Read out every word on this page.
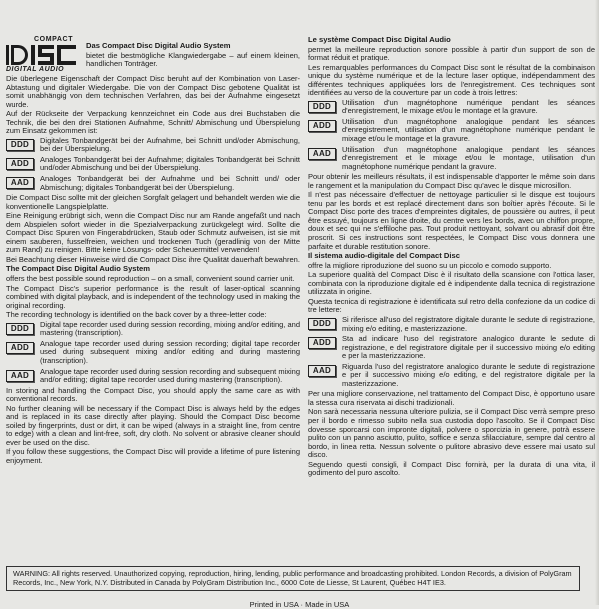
COMPACT
DIGITAL AUDIO

Das Compact Disc Digital Audio System

bietet die bestmögliche Klangwiedergabe – auf einem kleinen, handlichen Tonträger.

Die überlegene Eigenschaft der Compact Disc beruht auf der Kombination von Laser-Abtastung und digitaler Wiedergabe. Die von der Compact Disc gebotene Qualität ist somit unabhängig von dem technischen Verfahren, das bei der Aufnahme eingesetzt wurde.

Auf der Rückseite der Verpackung kennzeichnet ein Code aus drei Buchstaben die Technik, die bei den drei Stationen Aufnahme, Schnitt/ Abmischung und Überspielung zum Einsatz gekommen ist:

DDD	Digitales Tonbandgerät bei der Aufnahme, bei Schnitt und/oder Abmischung, bei der Überspielung.
ADD	Analoges Tonbandgerät bei der Aufnahme; digitales Tonbandgerät bei Schnitt und/oder Abmischung und bei der Überspielung.
AAD	Analoges Tonbandgerät bei der Aufnahme und bei Schnitt und/ oder Abmischung; digitales Tonbandgerät bei der Überspielung.

Die Compact Disc sollte mit der gleichen Sorgfalt gelagert und behandelt werden wie die konventionelle Langspielplatte.

Eine Reinigung erübrigt sich, wenn die Compact Disc nur am Rande angefaßt und nach dem Abspielen sofort wieder in die Spezialverpackung zurückgelegt wird. Sollte die Compact Disc Spuren von Fingerabdrücken, Staub oder Schmutz aufweisen, ist sie mit einem sauberen, fusselfreien, weichen und trockenen Tuch (geradlinig von der Mitte zum Rand) zu reinigen. Bitte keine Lösungs- oder Scheuermittel verwenden!

Bei Beachtung dieser Hinweise wird die Compact Disc ihre Qualität dauerhaft bewahren.

The Compact Disc Digital Audio System

offers the best possible sound reproduction – on a small, convenient sound carrier unit.

The Compact Disc's superior performance is the result of laser-optical scanning combined with digital playback, and is independent of the technology used in making the original recording.

The recording technology is identified on the back cover by a three-letter code:

DDD	Digital tape recorder used during session recording, mixing and/or editing, and mastering (transcription).
ADD	Analogue tape recorder used during session recording; digital tape recorder used during subsequent mixing and/or editing and during mastering (transcription).
AAD	Analogue tape recorder used during session recording and subsequent mixing and/or editing; digital tape recorder used during mastering (transcription).

In storing and handling the Compact Disc, you should apply the same care as with conventional records.

No further cleaning will be necessary if the Compact Disc is always held by the edges and is replaced in its case directly after playing. Should the Compact Disc become soiled by fingerprints, dust or dirt, it can be wiped (always in a straight line, from centre to edge) with a clean and lint-free, soft, dry cloth. No solvent or abrasive cleaner should ever be used on the disc.

If you follow these suggestions, the Compact Disc will provide a lifetime of pure listening enjoyment.

Le système Compact Disc Digital Audio

permet la meilleure reproduction sonore possible à partir d'un support de son de format réduit et pratique.

Les remarquables performances du Compact Disc sont le résultat de la combinaison unique du système numérique et de la lecture laser optique, indépendamment des différentes techniques appliquées lors de l'enregistrement. Ces techniques sont identifiées au verso de la couverture par un code à trois lettres:

DDD	Utilisation d'un magnétophone numérique pendant les séances d'enregistrement, le mixage et/ou le montage et la gravure.
ADD	Utilisation d'un magnétophone analogique pendant les séances d'enregistrement, utilisation d'un magnétophone numérique pendant le mixage et/ou le montage et la gravure.
AAD	Utilisation d'un magnétophone analogique pendant les séances d'enregistrement et le mixage et/ou le montage, utilisation d'un magnétophone numérique pendant la gravure.

Pour obtenir les meilleurs résultats, il est indispensable d'apporter le même soin dans le rangement et la manipulation du Compact Disc qu'avec le disque microsillon.

Il n'est pas nécessaire d'effectuer de nettoyage particulier si le disque est toujours tenu par les bords et est replacé directement dans son boîtier après l'écoute. Si le Compact Disc porte des traces d'empreintes digitales, de poussière ou autres, il peut être essuyé, toujours en ligne droite, du centre vers les bords, avec un chiffon propre, doux et sec qui ne s'effiloche pas. Tout produit nettoyant, solvant ou abrasif doit être proscrit. Si ces instructions sont respectées, le Compact Disc vous donnera une parfaite et durable restitution sonore.

Il sistema audio-digitale del Compact Disc

offre la migliore riproduzione del suono su un piccolo e comodo supporto.

La superiore qualità del Compact Disc è il risultato della scansione con l'ottica laser, combinata con la riproduzione digitale ed è indipendente dalla tecnica di registrazione utilizzata in origine.

Questa tecnica di registrazione è identificata sul retro della confezione da un codice di tre lettere:

DDD	Si riferisce all'uso del registratore digitale durante le sedute di registrazione, mixing e/o editing, e masterizzazione.
ADD	Sta ad indicare l'uso del registratore analogico durante le sedute di registrazione, e del registratore digitale per il successivo mixing e/o editing e per la masterizzazione.
AAD	Riguarda l'uso del registratore analogico durante le sedute di registrazione e per il successivo mixing e/o editing, e del registratore digitale per la masterizzazione.

Per una migliore conservazione, nel trattamento del Compact Disc, è opportuno usare la stessa cura riservata ai dischi tradizionali.

Non sarà necessaria nessuna ulteriore pulizia, se il Compact Disc verrà sempre preso per il bordo e rimesso subito nella sua custodia dopo l'ascolto. Se il Compact Disc dovesse sporcarsi con impronte digitali, polvere o sporcizia in genere, potrà essere pulito con un panno asciutto, pulito, soffice e senza sfilacciature, sempre dal centro al bordo, in linea retta. Nessun solvente o pulitore abrasivo deve essere mai usato sul disco.

Seguendo questi consigli, il Compact Disc fornirà, per la durata di una vita, il godimento del puro ascolto.

WARNING: All rights reserved. Unauthorized copying, reproduction, hiring, lending, public performance and broadcasting prohibited. London Records, a division of PolyGram Records, Inc., New York, N.Y. Distributed in Canada by PolyGram Distribution Inc., 6000 Cote de Liesse, St Laurent, Québec H4T IE3.
Printed in USA · Made in USA
